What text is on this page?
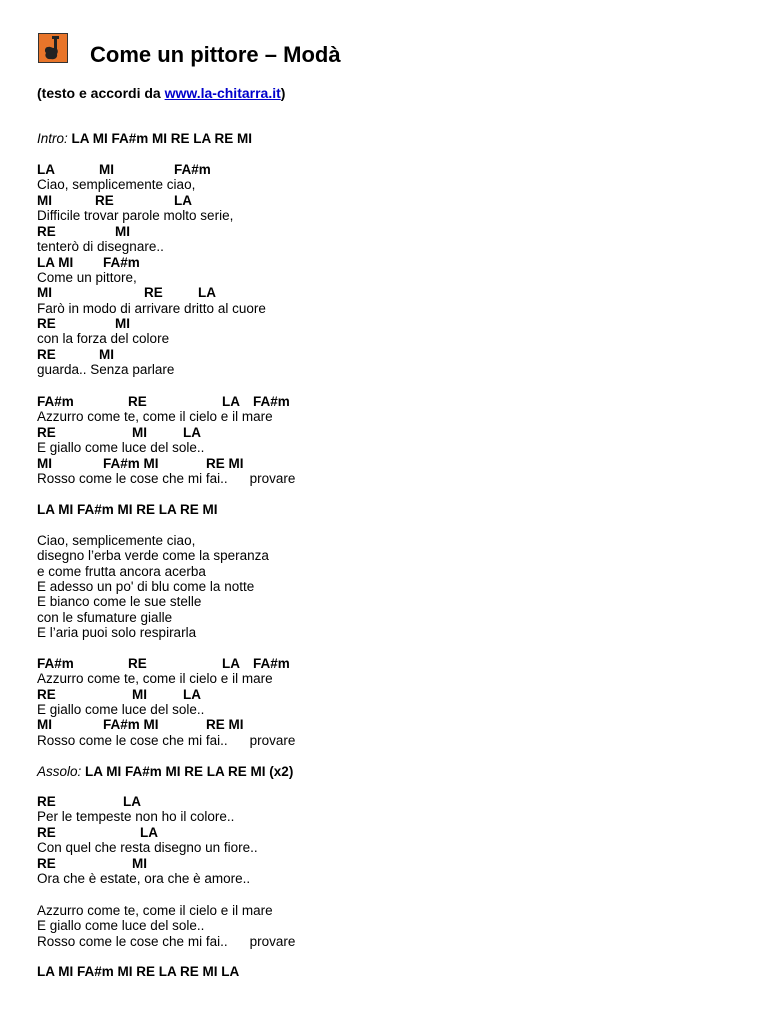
Come un pittore – Modà
(testo e accordi da www.la-chitarra.it)
Intro: LA MI FA#m MI RE LA RE MI
LA	MI	FA#m
Ciao, semplicemente ciao,
MI	RE	LA
Difficile trovar parole molto serie,
RE	MI
tenterò di disegnare..
LA MI FA#m
Come un pittore,
MI	RE	LA
Farò in modo di arrivare dritto al cuore
RE	MI
con la forza del colore
RE	MI
guarda.. Senza parlare
FA#m	RE	LA FA#m
Azzurro come te, come il cielo e il mare
RE	MI	LA
E giallo come luce del sole..
MI	FA#m MI	RE MI
Rosso come le cose che mi fai.. provare
LA MI FA#m MI RE LA RE MI
Ciao, semplicemente ciao,
disegno l’erba verde come la speranza
e come frutta ancora acerba
E adesso un po' di blu come la notte
E bianco come le sue stelle
con le sfumature gialle
E l’aria puoi solo respirarla
FA#m	RE	LA FA#m
Azzurro come te, come il cielo e il mare
RE	MI	LA
E giallo come luce del sole..
MI	FA#m MI	RE MI
Rosso come le cose che mi fai.. provare
Assolo: LA MI FA#m MI RE LA RE MI (x2)
RE	LA
Per le tempeste non ho il colore..
RE	LA
Con quel che resta disegno un fiore..
RE	MI
Ora che è estate, ora che è amore..
Azzurro come te, come il cielo e il mare
E giallo come luce del sole..
Rosso come le cose che mi fai.. provare
LA MI FA#m MI RE LA RE MI LA
